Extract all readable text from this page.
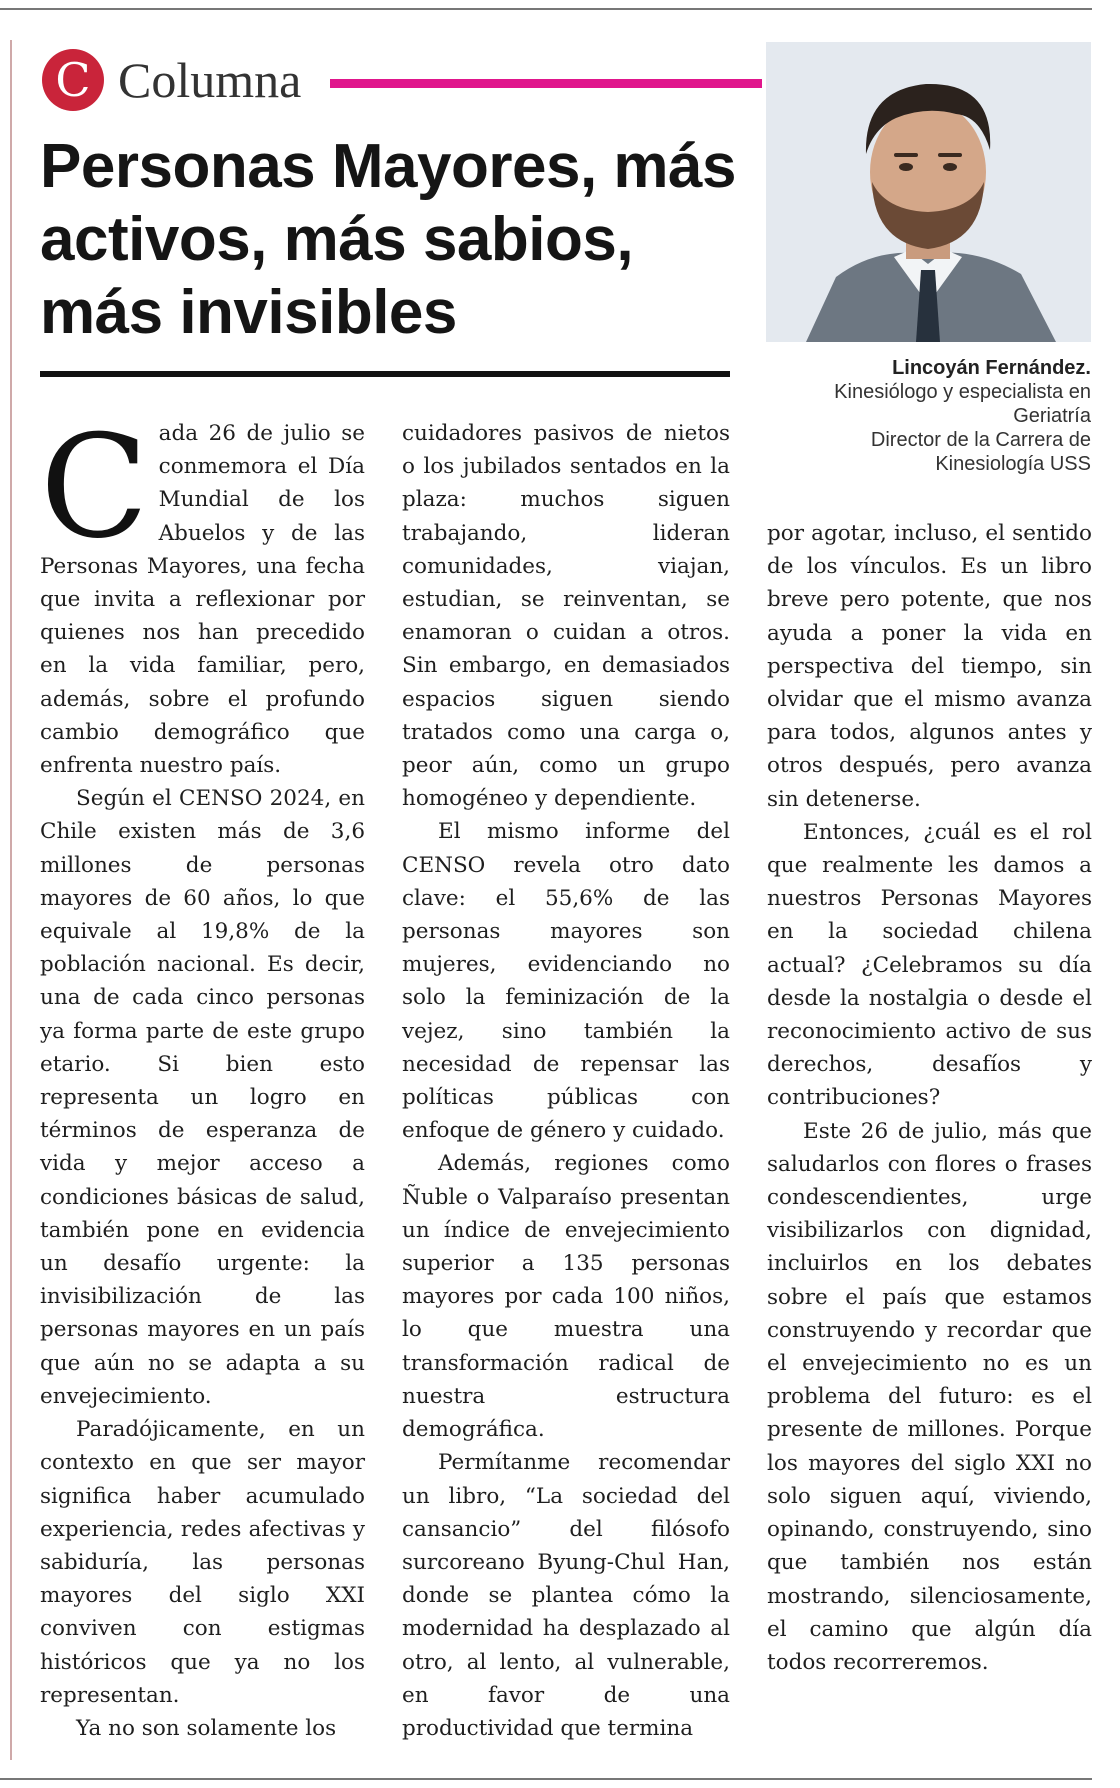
C Columna
Personas Mayores, más activos, más sabios, más invisibles
Lincoyán Fernández.
Kinesiólogo y especialista en Geriatría
Director de la Carrera de Kinesiología USS

Cada 26 de julio se conmemora el Día Mundial de los Abuelos y de las Personas Mayores, una fecha que invita a reflexionar por quienes nos han precedido en la vida familiar, pero, además, sobre el profundo cambio demográfico que enfrenta nuestro país.

Según el CENSO 2024, en Chile existen más de 3,6 millones de personas mayores de 60 años, lo que equivale al 19,8% de la población nacional. Es decir, una de cada cinco personas ya forma parte de este grupo etario. Si bien esto representa un logro en términos de esperanza de vida y mejor acceso a condiciones básicas de salud, también pone en evidencia un desafío urgente: la invisibilización de las personas mayores en un país que aún no se adapta a su envejecimiento.

Paradójicamente, en un contexto en que ser mayor significa haber acumulado experiencia, redes afectivas y sabiduría, las personas mayores del siglo XXI conviven con estigmas históricos que ya no los representan.

Ya no son solamente los

cuidadores pasivos de nietos o los jubilados sentados en la plaza: muchos siguen trabajando, lideran comunidades, viajan, estudian, se reinventan, se enamoran o cuidan a otros. Sin embargo, en demasiados espacios siguen siendo tratados como una carga o, peor aún, como un grupo homogéneo y dependiente.

El mismo informe del CENSO revela otro dato clave: el 55,6% de las personas mayores son mujeres, evidenciando no solo la feminización de la vejez, sino también la necesidad de repensar las políticas públicas con enfoque de género y cuidado.

Además, regiones como Ñuble o Valparaíso presentan un índice de envejecimiento superior a 135 personas mayores por cada 100 niños, lo que muestra una transformación radical de nuestra estructura demográfica.

Permítanme recomendar un libro, “La sociedad del cansancio” del filósofo surcoreano Byung-Chul Han, donde se plantea cómo la modernidad ha desplazado al otro, al lento, al vulnerable, en favor de una productividad que termina

por agotar, incluso, el sentido de los vínculos. Es un libro breve pero potente, que nos ayuda a poner la vida en perspectiva del tiempo, sin olvidar que el mismo avanza para todos, algunos antes y otros después, pero avanza sin detenerse.

Entonces, ¿cuál es el rol que realmente les damos a nuestros Personas Mayores en la sociedad chilena actual? ¿Celebramos su día desde la nostalgia o desde el reconocimiento activo de sus derechos, desafíos y contribuciones?

Este 26 de julio, más que saludarlos con flores o frases condescendientes, urge visibilizarlos con dignidad, incluirlos en los debates sobre el país que estamos construyendo y recordar que el envejecimiento no es un problema del futuro: es el presente de millones. Porque los mayores del siglo XXI no solo siguen aquí, viviendo, opinando, construyendo, sino que también nos están mostrando, silenciosamente, el camino que algún día todos recorreremos.
